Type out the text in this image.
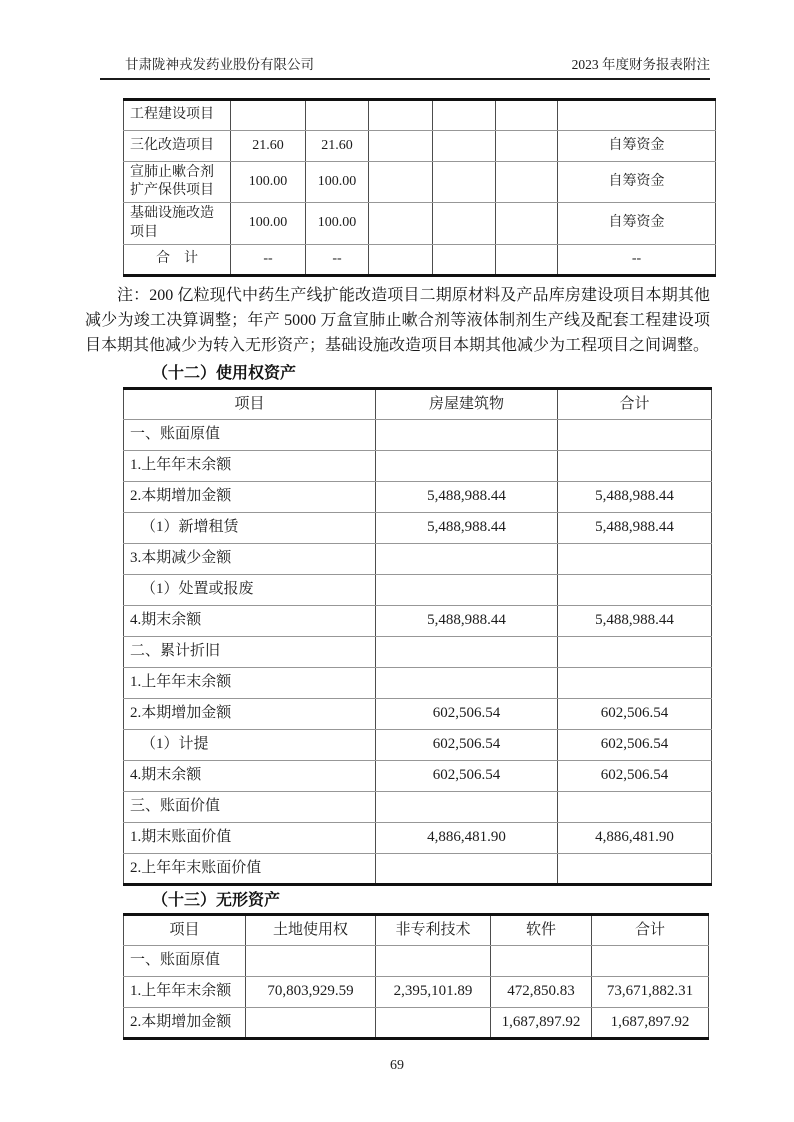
甘肃陇神戎发药业股份有限公司	2023 年度财务报表附注
工程建设项目						
三化改造项目	21.60	21.60				自筹资金
宣肺止嗽合剂扩产保供项目	100.00	100.00				自筹资金
基础设施改造项目	100.00	100.00				自筹资金
合　计	--	--				--

注：200 亿粒现代中药生产线扩能改造项目二期原材料及产品库房建设项目本期其他减少为竣工决算调整；年产 5000 万盒宣肺止嗽合剂等液体制剂生产线及配套工程建设项目本期其他减少为转入无形资产；基础设施改造项目本期其他减少为工程项目之间调整。

（十二）使用权资产
项目	房屋建筑物	合计
一、账面原值		
1.上年年末余额		
2.本期增加金额	5,488,988.44	5,488,988.44
（1）新增租赁	5,488,988.44	5,488,988.44
3.本期减少金额		
（1）处置或报废		
4.期末余额	5,488,988.44	5,488,988.44
二、累计折旧		
1.上年年末余额		
2.本期增加金额	602,506.54	602,506.54
（1）计提	602,506.54	602,506.54
4.期末余额	602,506.54	602,506.54
三、账面价值		
1.期末账面价值	4,886,481.90	4,886,481.90
2.上年年末账面价值		
（十三）无形资产
项目	土地使用权	非专利技术	软件	合计
一、账面原值				
1.上年年末余额	70,803,929.59	2,395,101.89	472,850.83	73,671,882.31
2.本期增加金额			1,687,897.92	1,687,897.92
69
